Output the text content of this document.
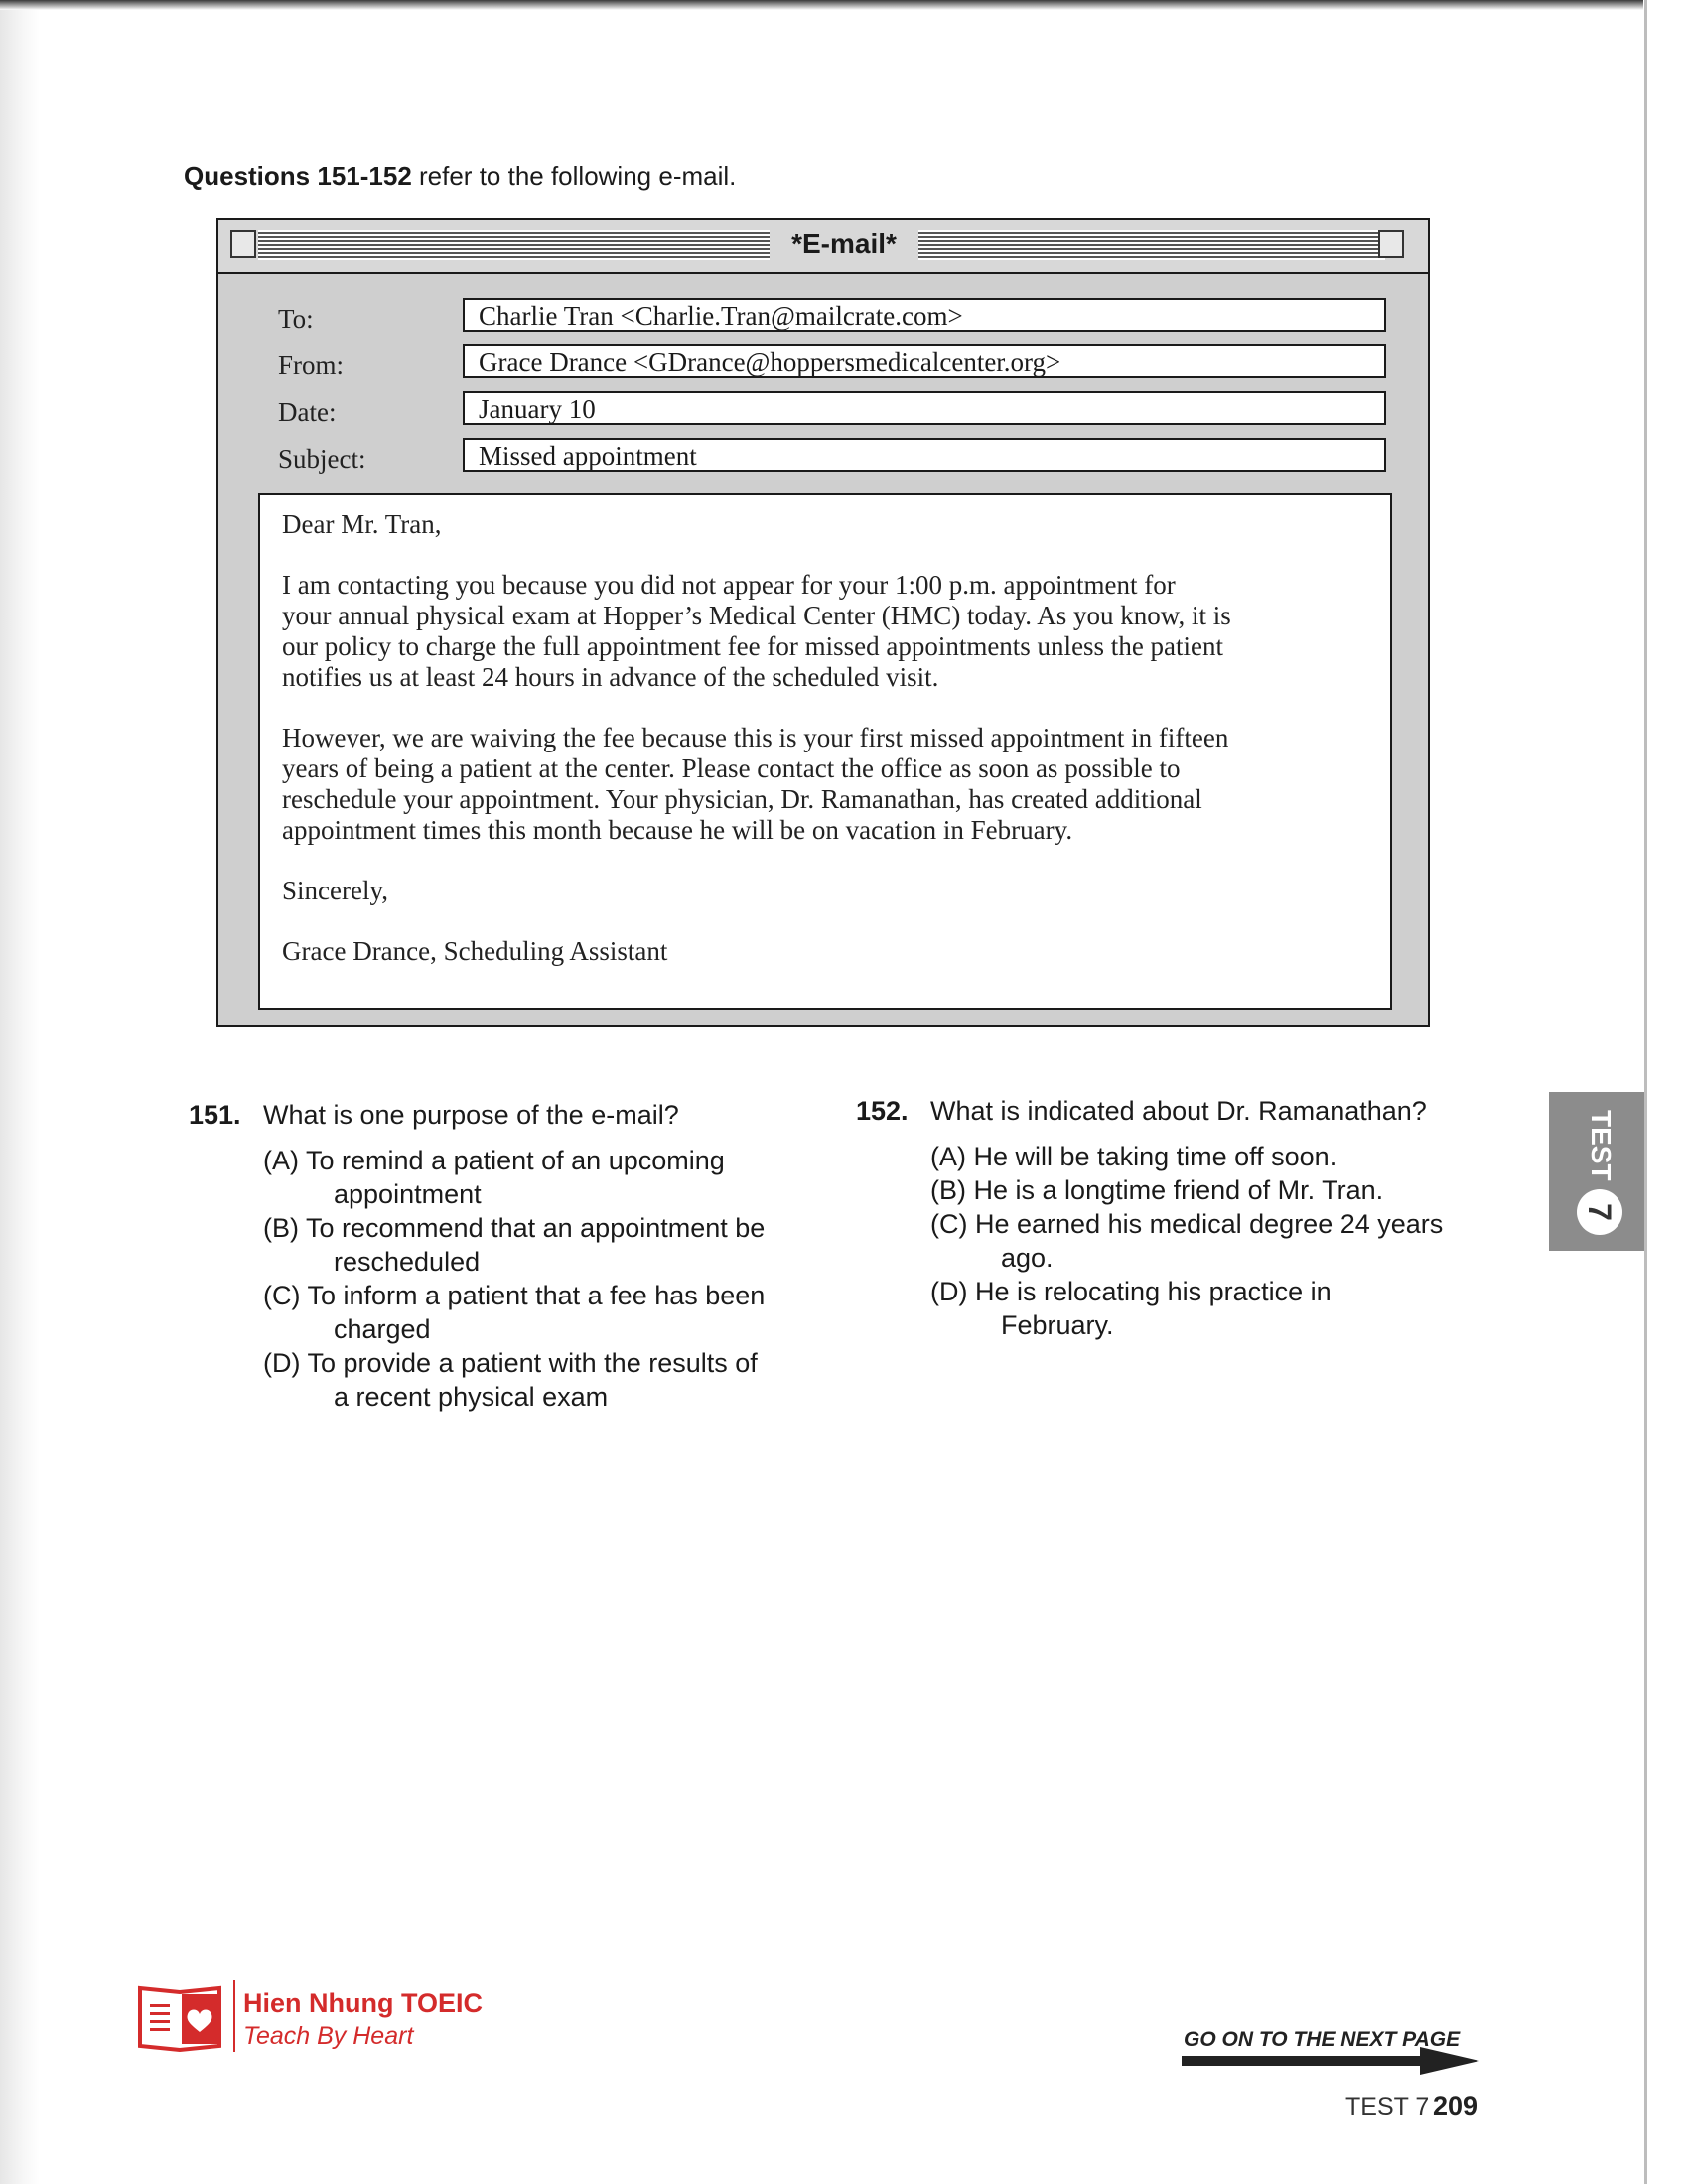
Questions 151-152 refer to the following e-mail.
*E-mail*
To:	Charlie Tran <Charlie.Tran@mailcrate.com>
From:	Grace Drance <GDrance@hoppersmedicalcenter.org>
Date:	January 10
Subject:	Missed appointment

Dear Mr. Tran,

I am contacting you because you did not appear for your 1:00 p.m. appointment for
your annual physical exam at Hopper’s Medical Center (HMC) today. As you know, it is
our policy to charge the full appointment fee for missed appointments unless the patient
notifies us at least 24 hours in advance of the scheduled visit.

However, we are waiving the fee because this is your first missed appointment in fifteen
years of being a patient at the center. Please contact the office as soon as possible to
reschedule your appointment. Your physician, Dr. Ramanathan, has created additional
appointment times this month because he will be on vacation in February.

Sincerely,

Grace Drance, Scheduling Assistant

151. What is one purpose of the e-mail?
(A) To remind a patient of an upcoming
appointment
(B) To recommend that an appointment be
rescheduled
(C) To inform a patient that a fee has been
charged
(D) To provide a patient with the results of
a recent physical exam
152. What is indicated about Dr. Ramanathan?
(A) He will be taking time off soon.
(B) He is a longtime friend of Mr. Tran.
(C) He earned his medical degree 24 years
ago.
(D) He is relocating his practice in
February.
TEST
7
Hien Nhung TOEIC
Teach By Heart	GO ON TO THE NEXT PAGE
TEST 7 209
